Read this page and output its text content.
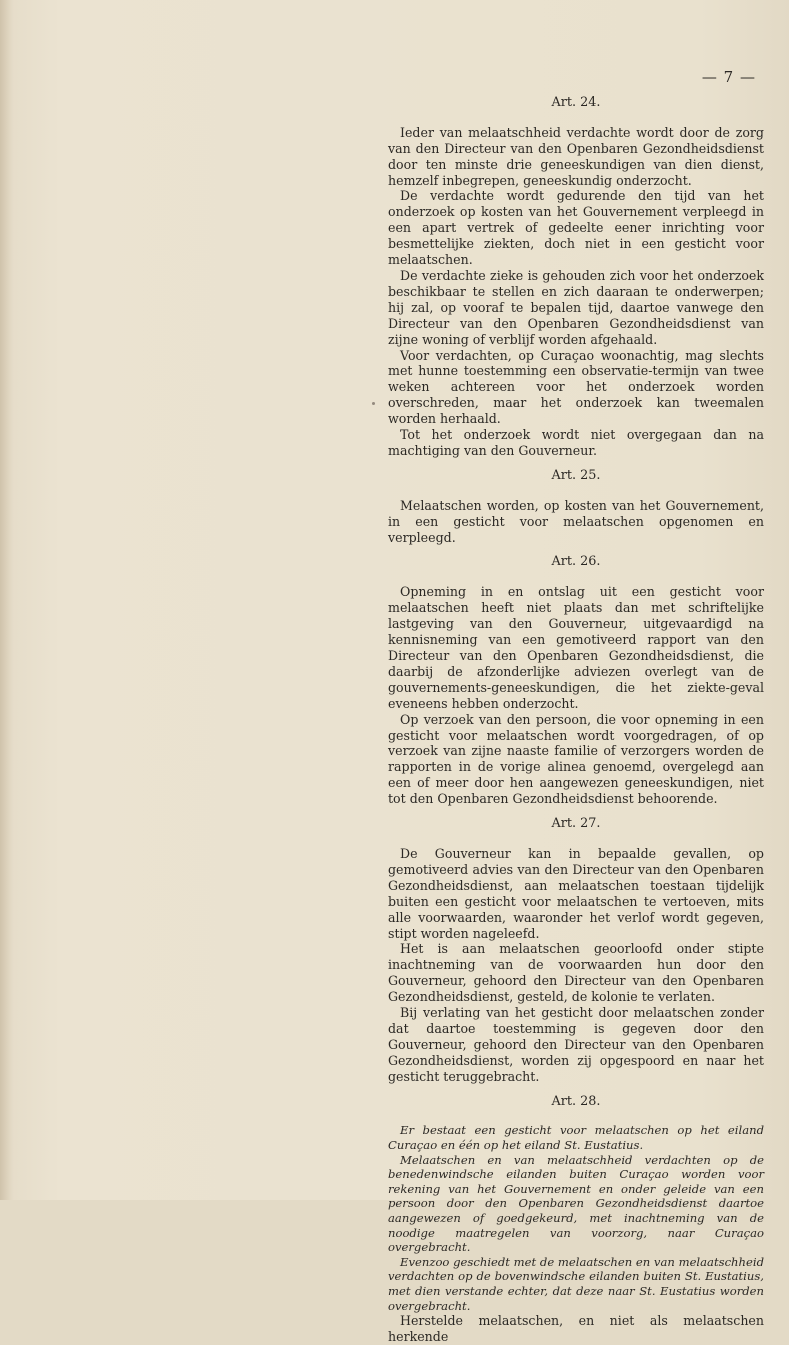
— 7 —
Art. 24.

Ieder van melaatschheid verdachte wordt door de zorg van den Directeur van den Openbaren Gezondheidsdienst door ten minste drie geneeskundigen van dien dienst, hemzelf inbegrepen, geneeskundig onderzocht.

De verdachte wordt gedurende den tijd van het onderzoek op kosten van het Gouvernement verpleegd in een apart vertrek of gedeelte eener inrichting voor besmettelijke ziekten, doch niet in een gesticht voor melaatschen.

De verdachte zieke is gehouden zich voor het onderzoek beschikbaar te stellen en zich daaraan te onderwerpen; hij zal, op vooraf te bepalen tijd, daartoe vanwege den Directeur van den Openbaren Gezondheidsdienst van zijne woning of verblijf worden afgehaald.

Voor verdachten, op Curaçao woonachtig, mag slechts met hunne toestemming een observatie-termijn van twee weken achtereen voor het onderzoek worden overschreden, maar het onderzoek kan tweemalen worden herhaald.

Tot het onderzoek wordt niet overgegaan dan na machtiging van den Gouverneur.

Art. 25.

Melaatschen worden, op kosten van het Gouvernement, in een gesticht voor melaatschen opgenomen en verpleegd.

Art. 26.

Opneming in en ontslag uit een gesticht voor melaatschen heeft niet plaats dan met schriftelijke lastgeving van den Gouverneur, uitgevaardigd na kennisneming van een gemotiveerd rapport van den Directeur van den Openbaren Gezondheidsdienst, die daarbij de afzonderlijke adviezen overlegt van de gouvernements-geneeskundigen, die het ziekte-geval eveneens hebben onderzocht.

Op verzoek van den persoon, die voor opneming in een gesticht voor melaatschen wordt voorgedragen, of op verzoek van zijne naaste familie of verzorgers worden de rapporten in de vorige alinea genoemd, overgelegd aan een of meer door hen aangewezen geneeskundigen, niet tot den Openbaren Gezondheidsdienst behoorende.

Art. 27.

De Gouverneur kan in bepaalde gevallen, op gemotiveerd advies van den Directeur van den Openbaren Gezondheidsdienst, aan melaatschen toestaan tijdelijk buiten een gesticht voor melaatschen te vertoeven, mits alle voorwaarden, waaronder het verlof wordt gegeven, stipt worden nageleefd.

Het is aan melaatschen geoorloofd onder stipte inachtneming van de voorwaarden hun door den Gouverneur, gehoord den Directeur van den Openbaren Gezondheidsdienst, gesteld, de kolonie te verlaten.

Bij verlating van het gesticht door melaatschen zonder dat daartoe toestemming is gegeven door den Gouverneur, gehoord den Directeur van den Openbaren Gezondheidsdienst, worden zij opgespoord en naar het gesticht teruggebracht.

Art. 28.

Er bestaat een gesticht voor melaatschen op het eiland Curaçao en één op het eiland St. Eustatius.

Melaatschen en van melaatschheid verdachten op de benedenwindsche eilanden buiten Curaçao worden voor rekening van het Gouvernement en onder geleide van een persoon door den Openbaren Gezondheidsdienst daartoe aangewezen of goedgekeurd, met inachtneming van de noodige maatregelen van voorzorg, naar Curaçao overgebracht.

Evenzoo geschiedt met de melaatschen en van melaatschheid verdachten op de bovenwindsche eilanden buiten St. Eustatius, met dien verstande echter, dat deze naar St. Eustatius worden overgebracht.

Herstelde melaatschen, en niet als melaatschen herkende
